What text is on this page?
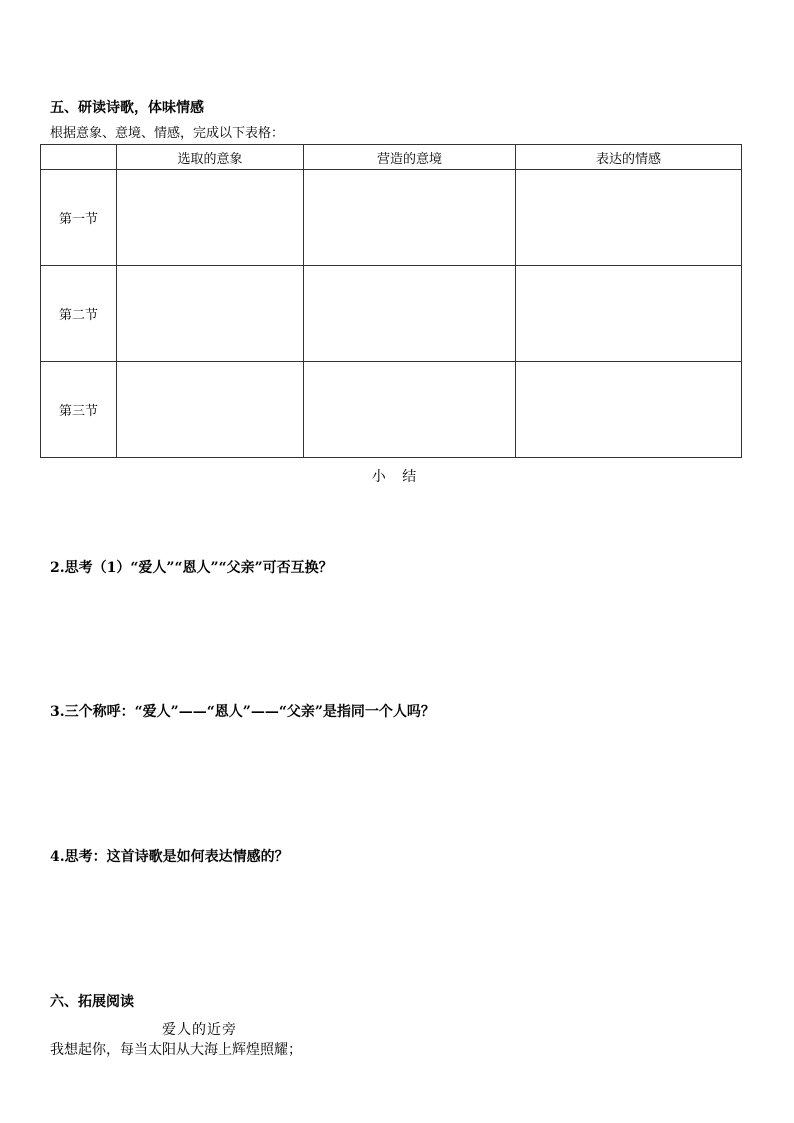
五、研读诗歌，体味情感

根据意象、意境、情感，完成以下表格：

	选取的意象	营造的意境	表达的情感
第一节			
第二节			
第三节			
小 结

2.思考（1）“爱人”“恩人”“父亲”可否互换？

3.三个称呼：“爱人”——“恩人”——“父亲”是指同一个人吗？

4.思考：这首诗歌是如何表达情感的？

六、拓展阅读

爱人的近旁

我想起你，每当太阳从大海上辉煌照耀；
